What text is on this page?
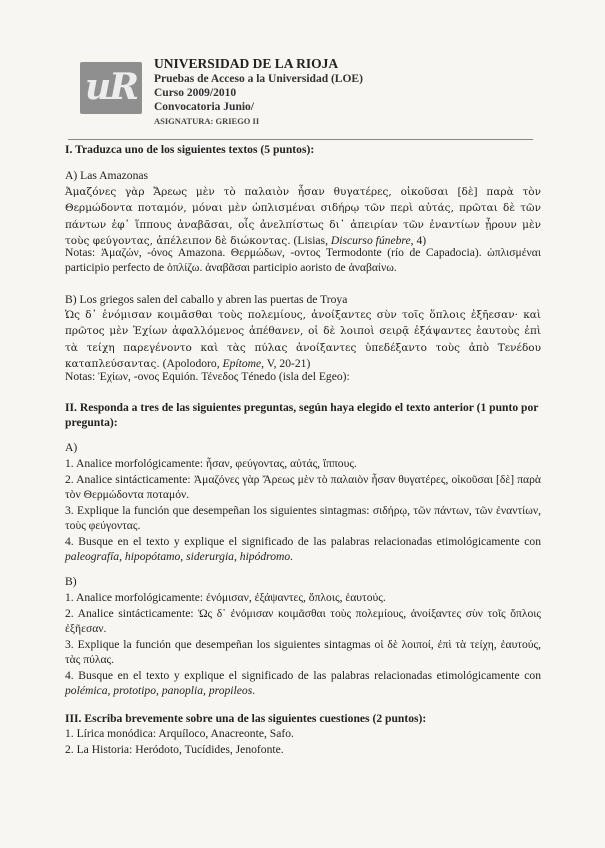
uR
UNIVERSIDAD DE LA RIOJA
Pruebas de Acceso a la Universidad (LOE)
Curso 2009/2010
Convocatoria Junio/
ASIGNATURA: GRIEGO II
I. Traduzca uno de los siguientes textos (5 puntos):
A) Las Amazonas
Ἀμαζόνες γὰρ Ἄρεως μὲν τὸ παλαιὸν ἦσαν θυγατέρες, οἰκοῦσαι [δὲ] παρὰ τὸν Θερμώδοντα ποταμόν, μόναι μὲν ὡπλισμέναι σιδήρῳ τῶν περὶ αὐτάς, πρῶται δὲ τῶν πάντων ἐφ᾽ ἵππους ἀναβᾶσαι, οἷς ἀνελπίστως δι᾽ ἀπειρίαν τῶν ἐναντίων ᾖρουν μὲν τοὺς φεύγοντας, ἀπέλειπον δὲ διώκοντας. (Lisias, Discurso fúnebre, 4)
Notas: Ἀμαζών, -όνος Amazona. Θερμώδων, -οντος Termodonte (río de Capadocia). ὡπλισμέναι participio perfecto de ὁπλίζω. ἀναβᾶσαι participio aoristo de ἀναβαίνω.
B) Los griegos salen del caballo y abren las puertas de Troya
Ὡς δ᾽ ἐνόμισαν κοιμᾶσθαι τοὺς πολεμίους, ἀνοίξαντες σὺν τοῖς ὅπλοις ἐξῆεσαν· καὶ πρῶτος μὲν Ἐχίων ἀφαλλόμενος ἀπέθανεν, οἱ δὲ λοιποὶ σειρᾷ ἐξάψαντες ἑαυτοὺς ἐπὶ τὰ τείχη παρεγένοντο καὶ τὰς πύλας ἀνοίξαντες ὑπεδέξαντο τοὺς ἀπὸ Τενέδου καταπλεύσαντας. (Apolodoro, Epítome, V, 20-21)
Notas: Ἐχίων, -ονος Equión. Τένεδος Ténedo (isla del Egeo):
II. Responda a tres de las siguientes preguntas, según haya elegido el texto anterior (1 punto por pregunta):
A)
1. Analice morfológicamente: ἦσαν, φεύγοντας, αὐτάς, ἵππους.
2. Analice sintácticamente: Ἀμαζόνες γὰρ Ἄρεως μὲν τὸ παλαιὸν ἦσαν θυγατέρες, οἰκοῦσαι [δὲ] παρὰ τὸν Θερμώδοντα ποταμόν.
3. Explique la función que desempeñan los siguientes sintagmas: σιδήρῳ, τῶν πάντων, τῶν ἐναντίων, τοὺς φεύγοντας.
4. Busque en el texto y explique el significado de las palabras relacionadas etimológicamente con paleografía, hipopótamo, siderurgia, hipódromo.
B)
1. Analice morfológicamente: ἐνόμισαν, ἐξάψαντες, ὅπλοις, ἑαυτούς.
2. Analice sintácticamente: Ὡς δ᾽ ἐνόμισαν κοιμᾶσθαι τοὺς πολεμίους, ἀνοίξαντες σὺν τοῖς ὅπλοις ἐξῆεσαν.
3. Explique la función que desempeñan los siguientes sintagmas οἱ δὲ λοιποί, ἐπὶ τὰ τείχη, ἑαυτούς, τὰς πύλας.
4. Busque en el texto y explique el significado de las palabras relacionadas etimológicamente con polémica, prototipo, panoplia, propileos.
III. Escriba brevemente sobre una de las siguientes cuestiones (2 puntos):
1. Lírica monódica: Arquíloco, Anacreonte, Safo.
2. La Historia: Heródoto, Tucídides, Jenofonte.
